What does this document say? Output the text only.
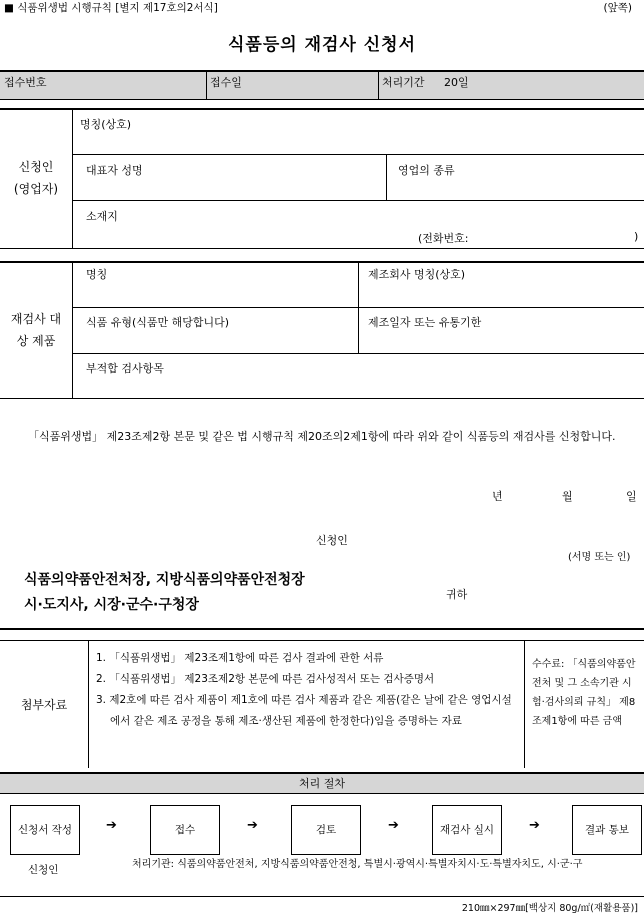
■ 식품위생법 시행규칙 [별지 제17호의2서식]	(앞쪽)
식품등의 재검사 신청서
접수번호	접수일	처리기간 20일
신청인
(영업자)
명칭(상호)
대표자 성명	영업의 종류
소재지
(전화번호:	)
재검사 대
상 제품
명칭	제조회사 명칭(상호)
식품 유형(식품만 해당합니다)	제조일자 또는 유통기한
부적합 검사항목
「식품위생법」 제23조제2항 본문 및 같은 법 시행규칙 제20조의2제1항에 따라 위와 같이 식품등의 재검사를 신청합니다.
년	월	일
신청인
(서명 또는 인)
식품의약품안전처장, 지방식품의약품안전청장
시·도지사, 시장·군수·구청장
귀하
첨부자료
1. 「식품위생법」 제23조제1항에 따른 검사 결과에 관한 서류
2. 「식품위생법」 제23조제2항 본문에 따른 검사성적서 또는 검사증명서
3. 제2호에 따른 검사 제품이 제1호에 따른 검사 제품과 같은 제품(같은 날에 같은 영업시설에서 같은 제조 공정을 통해 제조·생산된 제품에 한정한다)임을 증명하는 자료
수수료: 「식품의약품안전처 및 그 소속기관 시험·검사의뢰 규칙」 제8조제1항에 따른 금액
처리 절차
신청서 작성	➔	접수	➔	검토	➔	재검사 실시	➔	결과 통보
신청인	처리기관: 식품의약품안전처, 지방식품의약품안전청, 특별시·광역시·특별자치시·도·특별자치도, 시·군·구
210㎜×297㎜[백상지 80g/㎡(재활용품)]
